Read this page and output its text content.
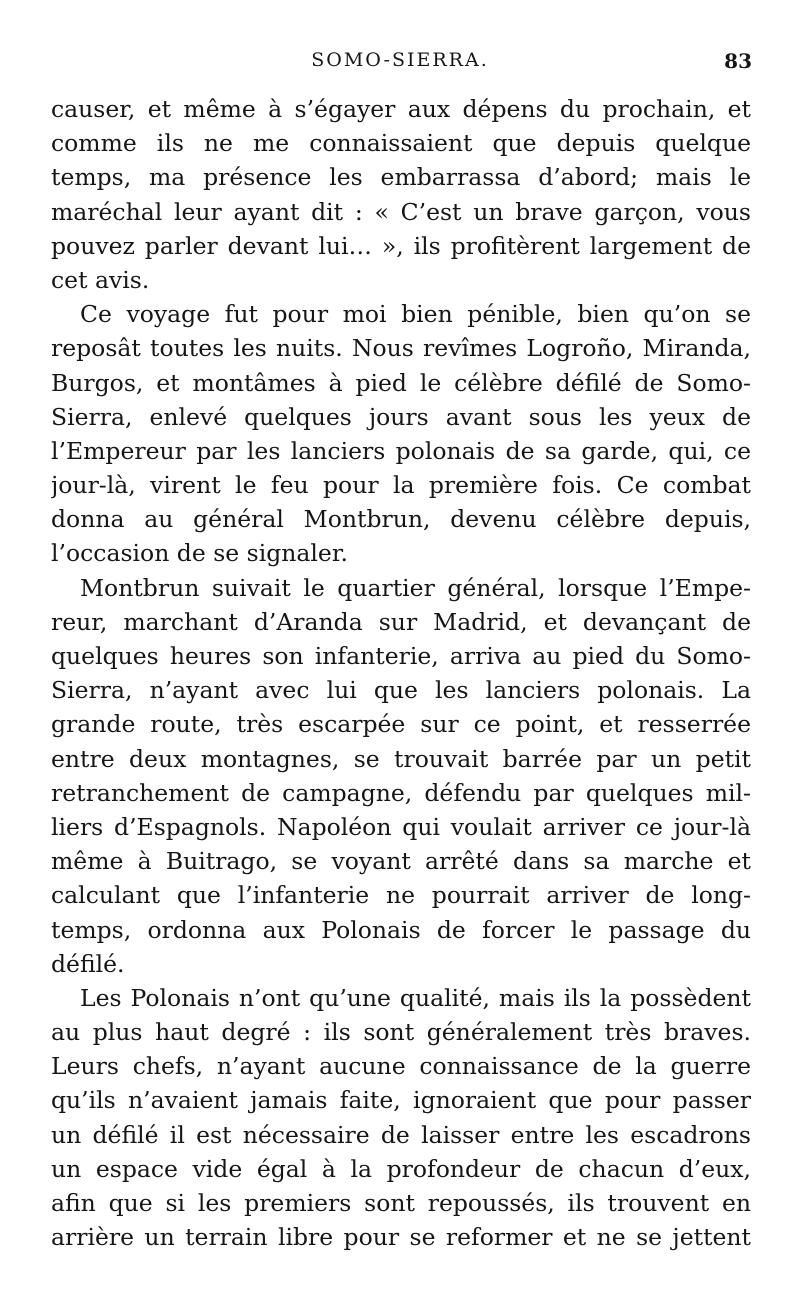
SOMO-SIERRA.	83
causer, et même à s’égayer aux dépens du prochain, et
comme ils ne me connaissaient que depuis quelque
temps, ma présence les embarrassa d’abord; mais le
maréchal leur ayant dit : « C’est un brave garçon, vous
pouvez parler devant lui… », ils profitèrent largement de
cet avis.
Ce voyage fut pour moi bien pénible, bien qu’on se
reposât toutes les nuits. Nous revîmes Logroño, Miranda,
Burgos, et montâmes à pied le célèbre défilé de Somo-
Sierra, enlevé quelques jours avant sous les yeux de
l’Empereur par les lanciers polonais de sa garde, qui, ce
jour-là, virent le feu pour la première fois. Ce combat
donna au général Montbrun, devenu célèbre depuis,
l’occasion de se signaler.
Montbrun suivait le quartier général, lorsque l’Empe-
reur, marchant d’Aranda sur Madrid, et devançant de
quelques heures son infanterie, arriva au pied du Somo-
Sierra, n’ayant avec lui que les lanciers polonais. La
grande route, très escarpée sur ce point, et resserrée
entre deux montagnes, se trouvait barrée par un petit
retranchement de campagne, défendu par quelques mil-
liers d’Espagnols. Napoléon qui voulait arriver ce jour-là
même à Buitrago, se voyant arrêté dans sa marche et
calculant que l’infanterie ne pourrait arriver de long-
temps, ordonna aux Polonais de forcer le passage du
défilé.
Les Polonais n’ont qu’une qualité, mais ils la possèdent
au plus haut degré : ils sont généralement très braves.
Leurs chefs, n’ayant aucune connaissance de la guerre
qu’ils n’avaient jamais faite, ignoraient que pour passer
un défilé il est nécessaire de laisser entre les escadrons
un espace vide égal à la profondeur de chacun d’eux,
afin que si les premiers sont repoussés, ils trouvent en
arrière un terrain libre pour se reformer et ne se jettent
